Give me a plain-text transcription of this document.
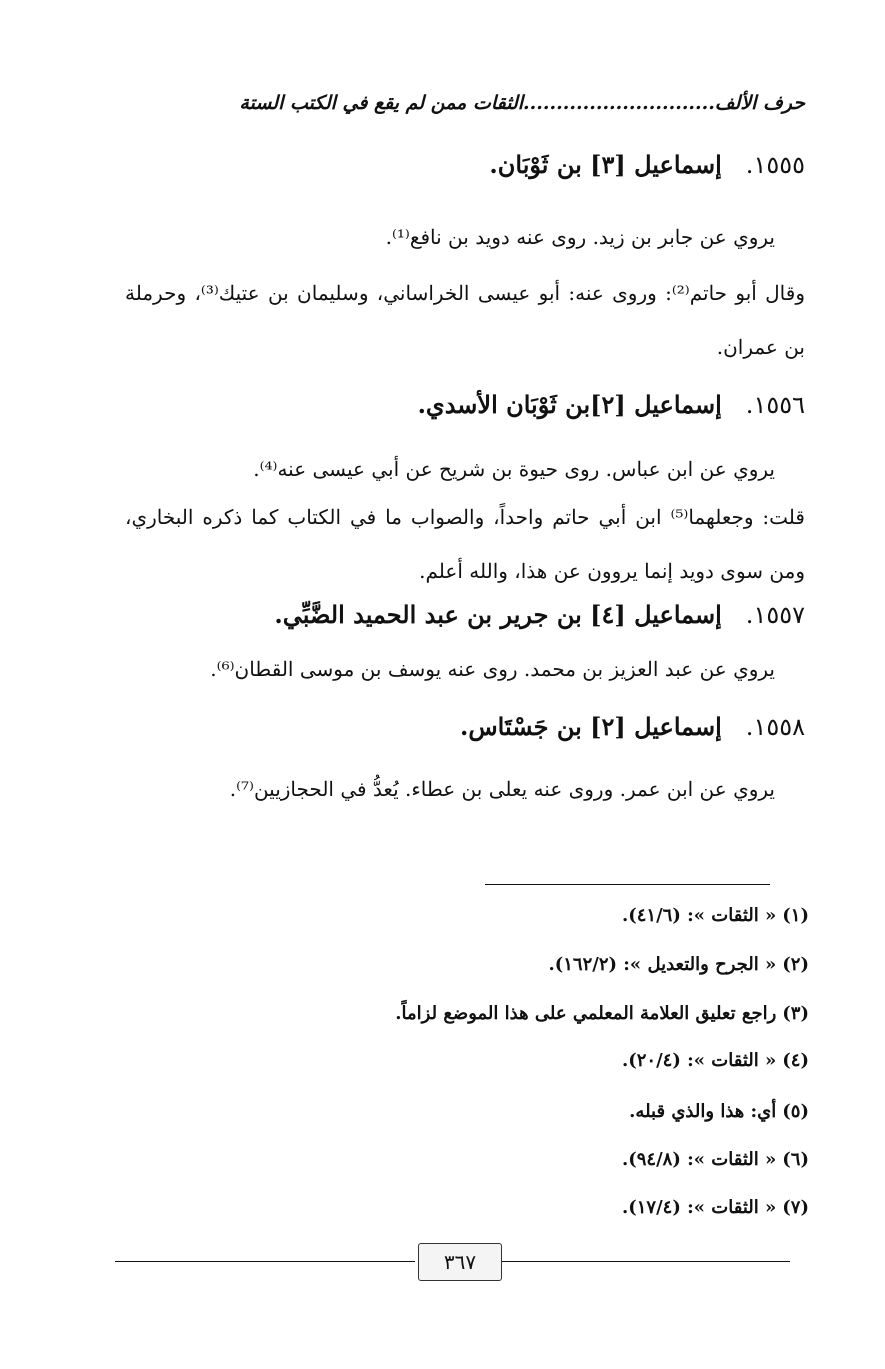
حرف الألف.............................الثقات ممن لم يقع في الكتب الستة
١٥٥٥.إسماعيل [٣] بن ثَوْبَان.
يروي عن جابر بن زيد. روى عنه دويد بن نافع⁽¹⁾.
وقال أبو حاتم⁽²⁾: وروى عنه: أبو عيسى الخراساني، وسليمان بن عتيك⁽³⁾، وحرملة بن عمران.
١٥٥٦.إسماعيل [٢]بن ثَوْبَان الأسدي.
يروي عن ابن عباس. روى حيوة بن شريح عن أبي عيسى عنه⁽⁴⁾.
قلت: وجعلهما⁽⁵⁾ ابن أبي حاتم واحداً، والصواب ما في الكتاب كما ذكره البخاري، ومن سوى دويد إنما يروون عن هذا، والله أعلم.
١٥٥٧.إسماعيل [٤] بن جرير بن عبد الحميد الضَّبِّي.
يروي عن عبد العزيز بن محمد. روى عنه يوسف بن موسى القطان⁽⁶⁾.
١٥٥٨.إسماعيل [٢] بن جَسْتَاس.
يروي عن ابن عمر. وروى عنه يعلى بن عطاء. يُعدُّ في الحجازيين⁽⁷⁾.
(١)« الثقات »: (٤١/٦).
(٢)« الجرح والتعديل »: (١٦٢/٢).
(٣)راجع تعليق العلامة المعلمي على هذا الموضع لزاماً.
(٤)« الثقات »: (٢٠/٤).
(٥)أي: هذا والذي قبله.
(٦)« الثقات »: (٩٤/٨).
(٧)« الثقات »: (١٧/٤).
٣٦٧
